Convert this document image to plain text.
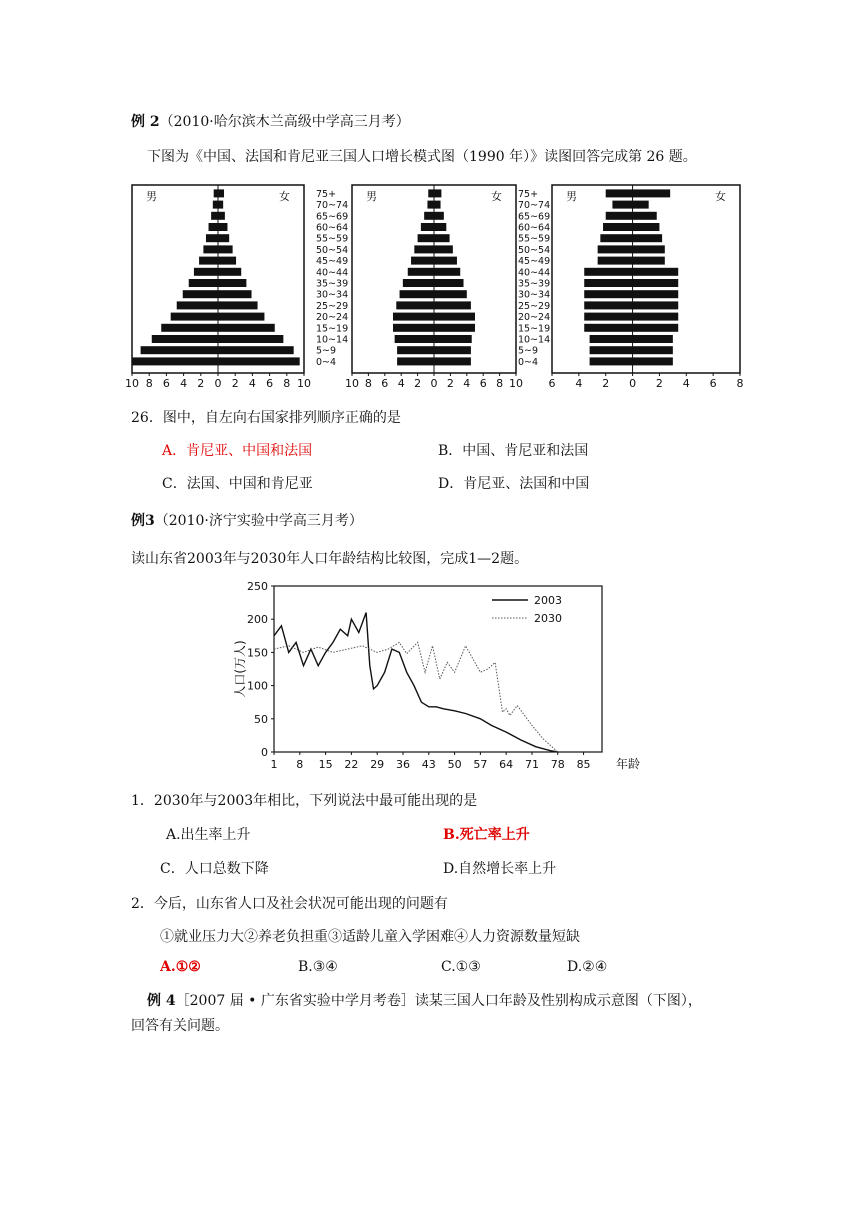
例 2（2010·哈尔滨木兰高级中学高三月考）
下图为《中国、法国和肯尼亚三国人口增长模式图（1990 年）》读图回答完成第 26 题。
男	女
10 8 6 4 2 0 2 4 6 8 10
男	女
0~4
5~9
10~14
15~19
20~24
25~29
30~34
35~39
40~44
45~49
50~54
55~59
60~64
65~69
70~74
75+
10 8 6 4 2 0 2 4 6 8 10
男	女
0~4
5~9
10~14
15~19
20~24
25~29
30~34
35~39
40~44
45~49
50~54
55~59
60~64
65~69
70~74
75+
6 4 2 0 2 4 6 8
26．图中，自左向右国家排列顺序正确的是
A．肯尼亚、中国和法国	B．中国、肯尼亚和法国
C．法国、中国和肯尼亚	D．肯尼亚、法国和中国
例3（2010·济宁实验中学高三月考）
读山东省2003年与2030年人口年龄结构比较图，完成1—2题。
0
50
100
150
200
250
1 8 15 22 29 36 43 50 57 64 71 78 85 年龄
人口(万人)
2003
2030
1．2030年与2003年相比，下列说法中最可能出现的是
A.出生率上升	B.死亡率上升
C．人口总数下降	D.自然增长率上升
2．今后，山东省人口及社会状况可能出现的问题有
①就业压力大②养老负担重③适龄儿童入学困难④人力资源数量短缺
A.①②	B.③④	C.①③	D.②④
例 4［2007 届 • 广东省实验中学月考卷］读某三国人口年龄及性别构成示意图（下图），
回答有关问题。
